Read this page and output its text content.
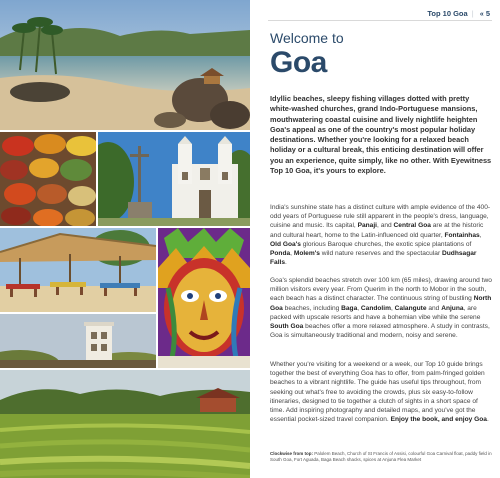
Top 10 Goa | « 5
Welcome to
Goa

Idyllic beaches, sleepy fishing villages dotted with pretty white-washed churches, grand Indo-Portuguese mansions, mouthwatering coastal cuisine and lively nightlife heighten Goa's appeal as one of the country's most popular holiday destinations. Whether you're looking for a relaxed beach holiday or a cultural break, this enticing destination will offer you an experience, quite simply, like no other. With Eyewitness Top 10 Goa, it's yours to explore.

India's sunshine state has a distinct culture with ample evidence of the 400-odd years of Portuguese rule still apparent in the people's dress, language, cuisine and music. Its capital, Panaji, and Central Goa are at the historic and cultural heart, home to the Latin-influenced old quarter, Fontainhas, Old Goa's glorious Baroque churches, the exotic spice plantations of Ponda, Molem's wild nature reserves and the spectacular Dudhsagar Falls.

Goa's splendid beaches stretch over 100 km (65 miles), drawing around two million visitors every year. From Querim in the north to Mobor in the south, each beach has a distinct character. The continuous string of bustling North Goa beaches, including Baga, Candolim, Calangute and Anjuna, are packed with upscale resorts and have a bohemian vibe while the serene South Goa beaches offer a more relaxed atmosphere. A study in contrasts, Goa is simultaneously traditional and modern, noisy and serene.

Whether you're visiting for a weekend or a week, our Top 10 guide brings together the best of everything Goa has to offer, from palm-fringed golden beaches to a vibrant nightlife. The guide has useful tips throughout, from seeking out what's free to avoiding the crowds, plus six easy-to-follow itineraries, designed to tie together a clutch of sights in a short space of time. Add inspiring photography and detailed maps, and you've got the essential pocket-sized travel companion. Enjoy the book, and enjoy Goa.

Clockwise from top: Palolem Beach, Church of St Francis of Assisi, colourful Goa Carnival float, paddy field in South Goa, Fort Aguada, Baga Beach shacks, spices at Anjuna Flea Market
